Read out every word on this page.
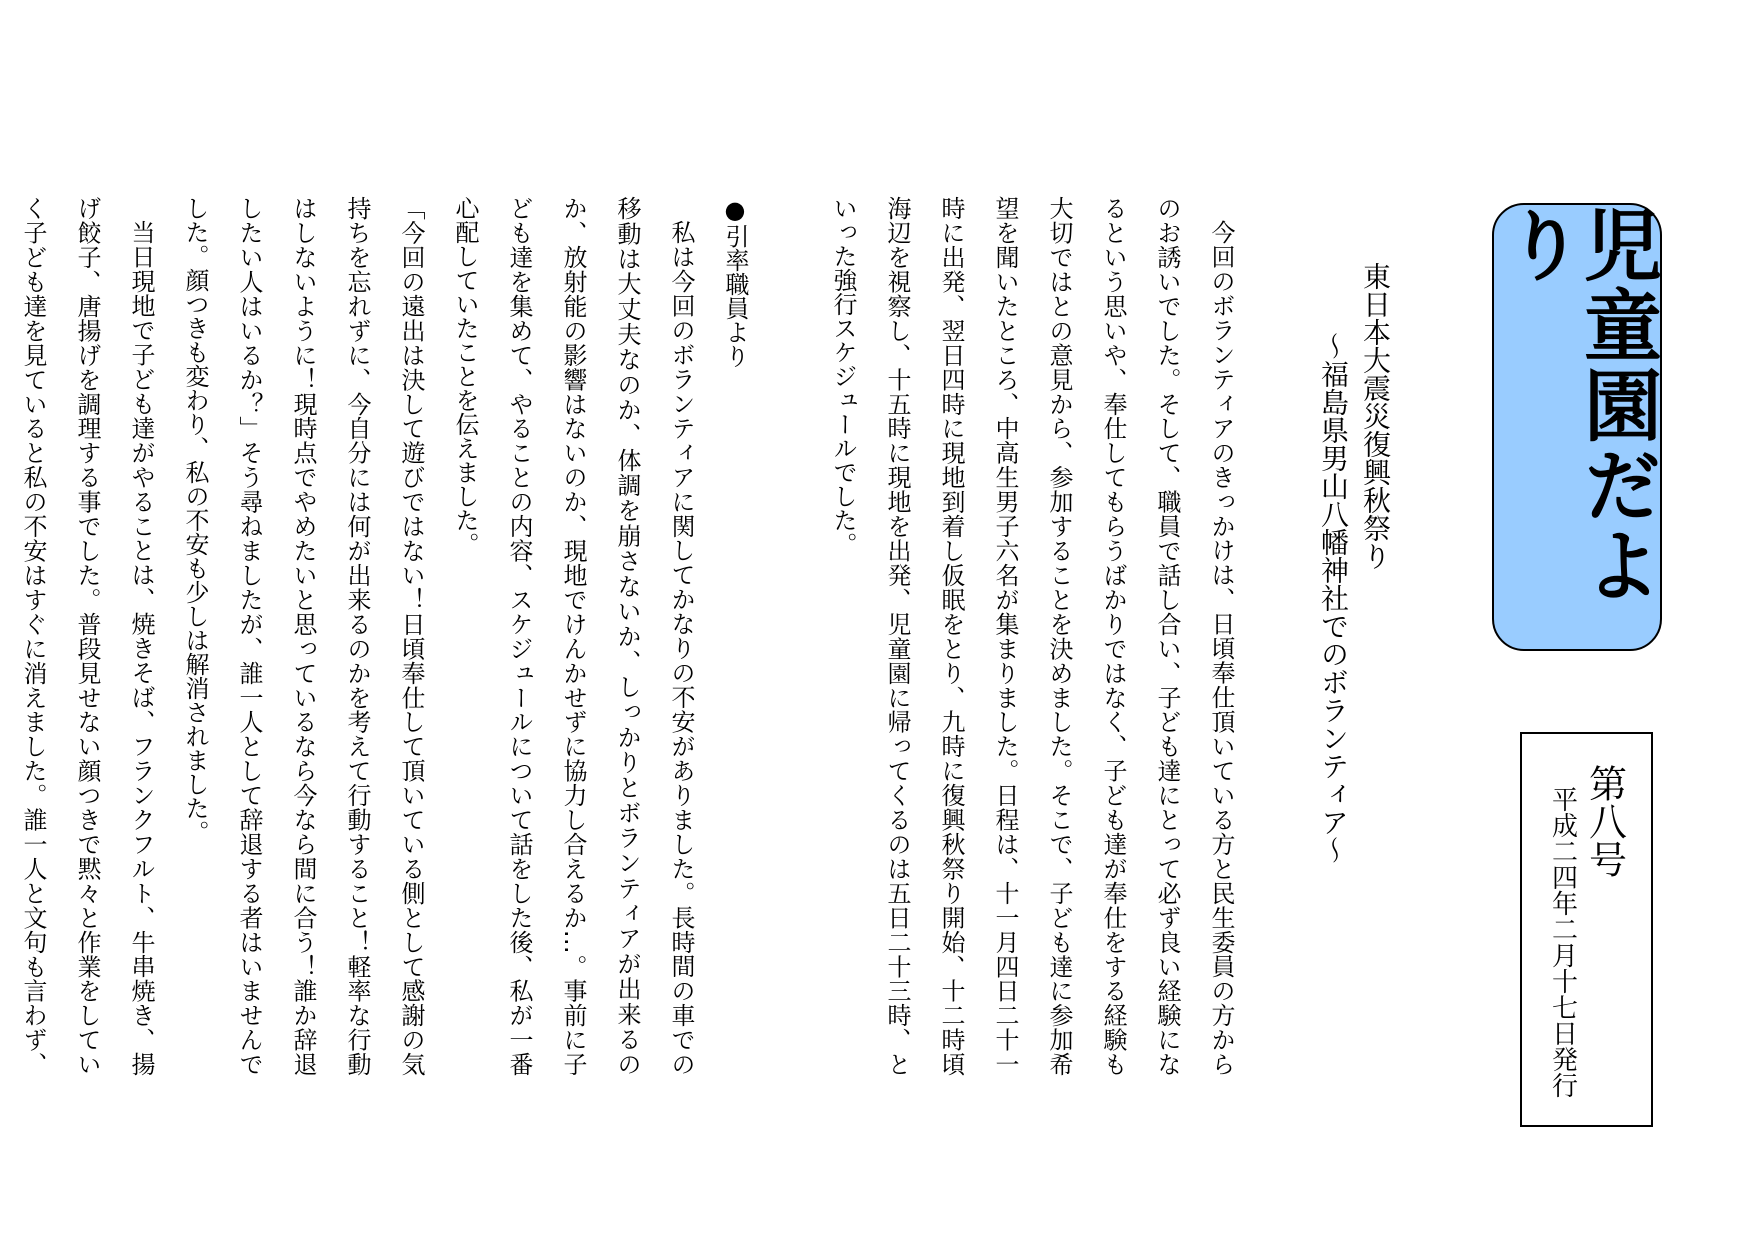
児童園だより
第八号
平成二四年二月十七日発行
東日本大震災復興秋祭り
〜福島県男山八幡神社でのボランティア〜

今回のボランティアのきっかけは、日頃奉仕頂いている方と民生委員の方からのお誘いでした。そして、職員で話し合い、子ども達にとって必ず良い経験になるという思いや、奉仕してもらうばかりではなく、子ども達が奉仕をする経験も大切ではとの意見から、参加することを決めました。そこで、子ども達に参加希望を聞いたところ、中高生男子六名が集まりました。日程は、十一月四日二十一時に出発、翌日四時に現地到着し仮眠をとり、九時に復興秋祭り開始、十二時頃海辺を視察し、十五時に現地を出発、児童園に帰ってくるのは五日二十三時、といった強行スケジュールでした。

●引率職員より

私は今回のボランティアに関してかなりの不安がありました。長時間の車での移動は大丈夫なのか、体調を崩さないか、しっかりとボランティアが出来るのか、放射能の影響はないのか、現地でけんかせずに協力し合えるか…。事前に子ども達を集めて、やることの内容、スケジュールについて話をした後、私が一番心配していたことを伝えました。

「今回の遠出は決して遊びではない！日頃奉仕して頂いている側として感謝の気持ちを忘れずに、今自分には何が出来るのかを考えて行動すること！軽率な行動はしないように！現時点でやめたいと思っているなら今なら間に合う！誰か辞退したい人はいるか？」そう尋ねましたが、誰一人として辞退する者はいませんでした。顔つきも変わり、私の不安も少しは解消されました。

当日現地で子ども達がやることは、焼きそば、フランクフルト、牛串焼き、揚げ餃子、唐揚げを調理する事でした。普段見せない顔つきで黙々と作業をしていく子ども達を見ていると私の不安はすぐに消えました。誰一人と文句も言わず、
